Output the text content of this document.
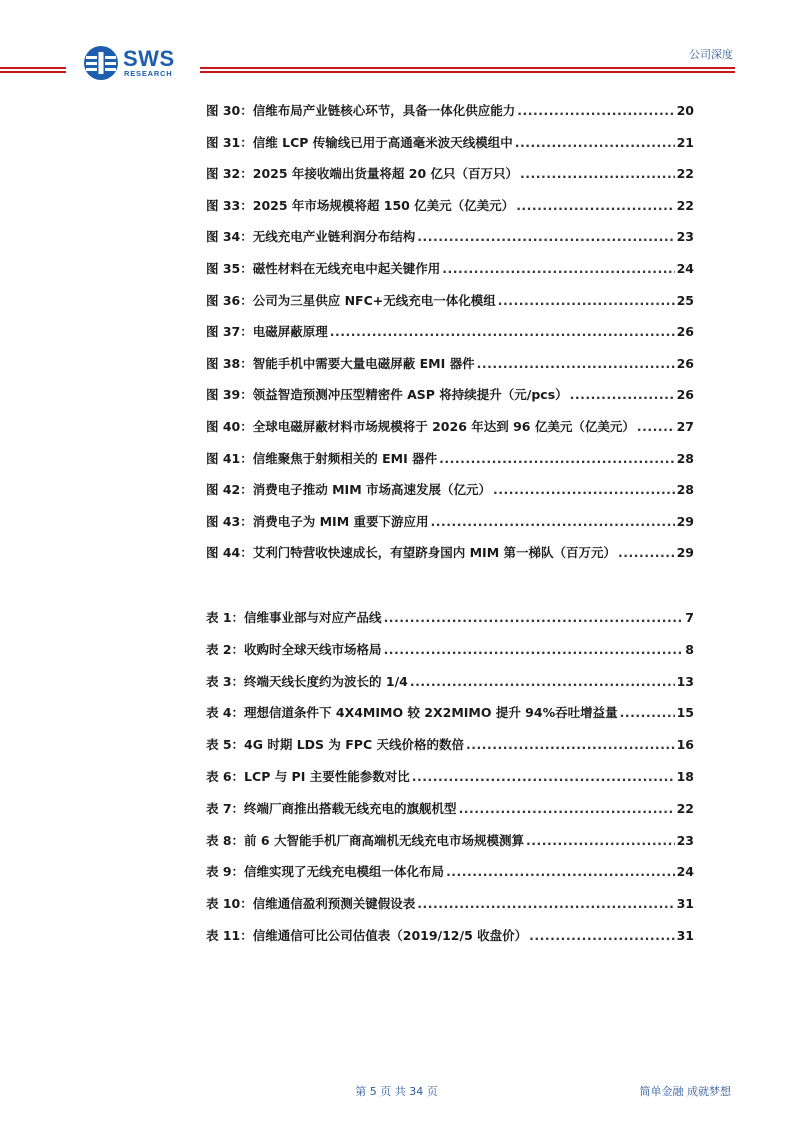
SWS
RESEARCH
公司深度
图 30：信维布局产业链核心环节，具备一体化供应能力 .....	20
图 31：信维 LCP 传输线已用于高通毫米波天线模组中 .....	21
图 32：2025 年接收端出货量将超 20 亿只（百万只） .....	22
图 33：2025 年市场规模将超 150 亿美元（亿美元） .....	22
图 34：无线充电产业链利润分布结构 .....	23
图 35：磁性材料在无线充电中起关键作用 .....	24
图 36：公司为三星供应 NFC+无线充电一体化模组 .....	25
图 37：电磁屏蔽原理 .....	26
图 38：智能手机中需要大量电磁屏蔽 EMI 器件 .....	26
图 39：领益智造预测冲压型精密件 ASP 将持续提升（元/pcs） .....	26
图 40：全球电磁屏蔽材料市场规模将于 2026 年达到 96 亿美元（亿美元） .....	27
图 41：信维聚焦于射频相关的 EMI 器件 .....	28
图 42：消费电子推动 MIM 市场高速发展（亿元） .....	28
图 43：消费电子为 MIM 重要下游应用 .....	29
图 44：艾利门特营收快速成长，有望跻身国内 MIM 第一梯队（百万元） .....	29
表 1：信维事业部与对应产品线 .....	7
表 2：收购时全球天线市场格局 .....	8
表 3：终端天线长度约为波长的 1/4 .....	13
表 4：理想信道条件下 4X4MIMO 较 2X2MIMO 提升 94%吞吐增益量 .....	15
表 5：4G 时期 LDS 为 FPC 天线价格的数倍 .....	16
表 6：LCP 与 PI 主要性能参数对比 .....	18
表 7：终端厂商推出搭载无线充电的旗舰机型 .....	22
表 8：前 6 大智能手机厂商高端机无线充电市场规模测算 .....	23
表 9：信维实现了无线充电模组一体化布局 .....	24
表 10：信维通信盈利预测关键假设表 .....	31
表 11：信维通信可比公司估值表（2019/12/5 收盘价） .....	31
第 5 页 共 34 页	简单金融 成就梦想
